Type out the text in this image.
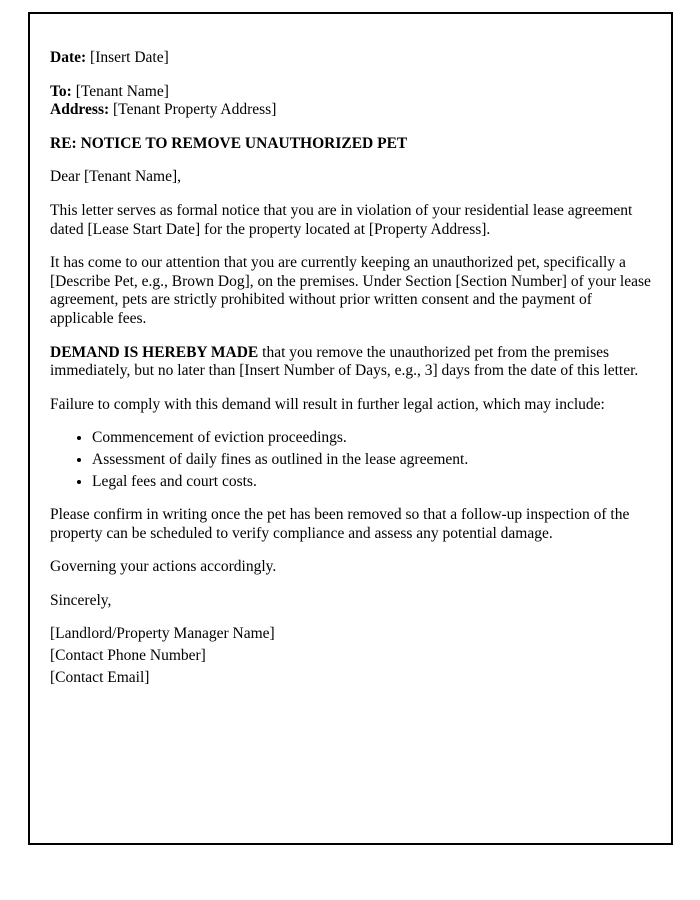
Date: [Insert Date]

To: [Tenant Name]

Address: [Tenant Property Address]

RE: NOTICE TO REMOVE UNAUTHORIZED PET

Dear [Tenant Name],

This letter serves as formal notice that you are in violation of your residential lease agreement dated [Lease Start Date] for the property located at [Property Address].

It has come to our attention that you are currently keeping an unauthorized pet, specifically a [Describe Pet, e.g., Brown Dog], on the premises. Under Section [Section Number] of your lease agreement, pets are strictly prohibited without prior written consent and the payment of applicable fees.

DEMAND IS HEREBY MADE that you remove the unauthorized pet from the premises immediately, but no later than [Insert Number of Days, e.g., 3] days from the date of this letter.

Failure to comply with this demand will result in further legal action, which may include:

• Commencement of eviction proceedings.
• Assessment of daily fines as outlined in the lease agreement.
• Legal fees and court costs.

Please confirm in writing once the pet has been removed so that a follow-up inspection of the property can be scheduled to verify compliance and assess any potential damage.

Governing your actions accordingly.

Sincerely,

[Landlord/Property Manager Name]
[Contact Phone Number]
[Contact Email]
